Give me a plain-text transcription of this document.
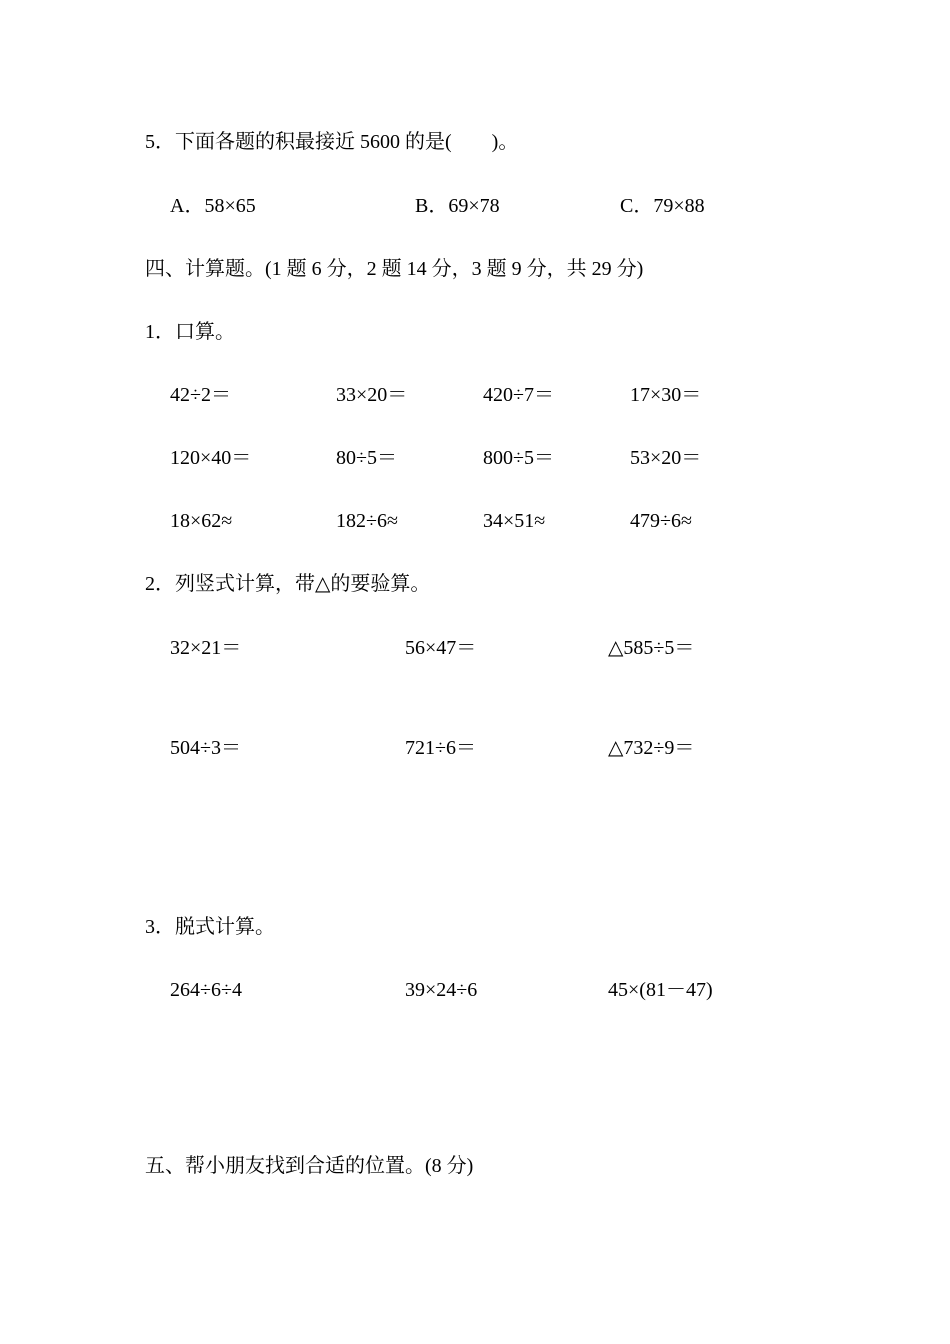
5．下面各题的积最接近 5600 的是(        )。
A．58×65	B．69×78	C．79×88
四、计算题。(1 题 6 分，2 题 14 分，3 题 9 分，共 29 分)
1．口算。
42÷2＝	33×20＝	420÷7＝	17×30＝
120×40＝	80÷5＝	800÷5＝	53×20＝
18×62≈	182÷6≈	34×51≈	479÷6≈
2．列竖式计算，带△的要验算。
32×21＝	56×47＝	△585÷5＝
504÷3＝	721÷6＝	△732÷9＝
3．脱式计算。
264÷6÷4	39×24÷6	45×(81－47)
五、帮小朋友找到合适的位置。(8 分)
